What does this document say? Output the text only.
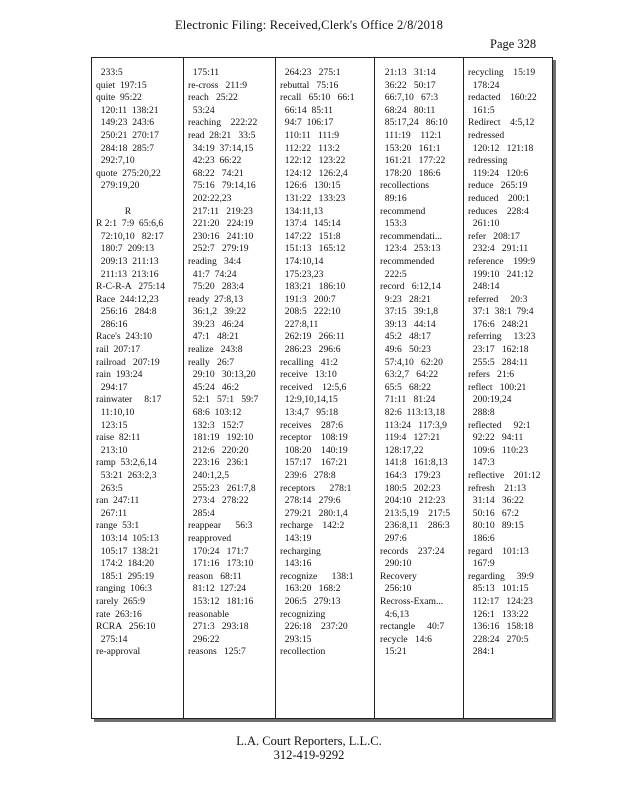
Electronic Filing: Received,Clerk's Office 2/8/2018
Page 328
233:5
quiet  197:15
quite  95:22
120:11  138:21
149:23  243:6
250:21  270:17
284:18  285:7
292:7,10
quote  275:20,22
279:19,20

R
R 2:1  7:9  65:6,6
72:10,10   82:17
180:7  209:13
209:13  211:13
211:13  213:16
R-C-R-A   275:14
Race  244:12,23
256:16   284:8
286:16
Race's  243:10
rail  207:17
railroad   207:19
rain  193:24
294:17
rainwater     8:17
11:10,10
123:15
raise  82:11
213:10
ramp  53:2,6,14
53:21  263:2,3
263:5
ran  247:11
267:11
range  53:1
103:14  105:13
105:17  138:21
174:2  184:20
185:1  295:19
ranging  106:3
rarely  265:9
rate  263:16
RCRA   256:10
275:14
re-approval
175:11
re-cross   211:9
reach   25:22
53:24
reaching    222:22
read  28:21   33:5
34:19  37:14,15
42:23  66:22
68:22   74:21
75:16   79:14,16
202:22,23
217:11   219:23
221:20   224:19
230:16   241:10
252:7   279:19
reading   34:4
41:7  74:24
75:20   283:4
ready  27:8,13
36:1,2   39:22
39:23   46:24
47:1   48:21
realize   243:8
really   26:7
29:10   30:13,20
45:24   46:2
52:1   57:1   59:7
68:6  103:12
132:3   152:7
181:19   192:10
212:6   220:20
223:16   236:1
240:1,2,5
255:23   261:7,8
273:4   278:22
285:4
reappear      56:3
reapproved
170:24   171:7
171:16   173:10
reason   68:11
81:12  127:24
153:12   181:16
reasonable
271:3   293:18
296:22
reasons   125:7
264:23   275:1
rebuttal   75:16
recall   65:10   66:1
66:14  85:11
94:7  106:17
110:11   111:9
112:22   113:2
122:12   123:22
124:12   126:2,4
126:6   130:15
131:22   133:23
134:11,13
137:4   145:14
147:22   151:8
151:13   165:12
174:10,14
175:23,23
183:21   186:10
191:3   200:7
208:5   222:10
227:8,11
262:19   266:11
286:23   296:6
recalling   41:2
receive   13:10
received    12:5,6
12:9,10,14,15
13:4,7   95:18
receives    287:6
receptor    108:19
108:20    140:19
157:17    167:21
239:6   278:8
receptors      278:1
278:14   279:6
279:21   280:1,4
recharge    142:2
143:19
recharging
143:16
recognize      138:1
163:20   168:2
206:5   279:13
recognizing
226:18    237:20
293:15
recollection
21:13   31:14
36:22   50:17
66:7,10   67:3
68:24   80:11
85:17,24   86:10
111:19    112:1
153:20   161:1
161:21   177:22
178:20   186:6
recollections
89:16
recommend
153:3
recommendati...
123:4   253:13
recommended
222:5
record   6:12,14
9:23   28:21
37:15   39:1,8
39:13   44:14
45:2   48:17
49:6   50:23
57:4,10   62:20
63:2,7   64:22
65:5   68:22
71:11   81:24
82:6  113:13,18
113:24   117:3,9
119:4   127:21
128:17,22
141:8   161:8,13
164:3   179:23
180:5   202:23
204:10   212:23
213:5,19    217:5
236:8,11    286:3
297:6
records    237:24
290:10
Recovery
256:10
Recross-Exam...
4:6,13
rectangle     40:7
recycle   14:6
15:21
recycling    15:19
178:24
redacted    160:22
161:5
Redirect    4:5,12
redressed
120:12   121:18
redressing
119:24   120:6
reduce   265:19
reduced    200:1
reduces    228:4
261:10
refer   208:17
232:4   291:11
reference    199:9
199:10   241:12
248:14
referred     20:3
37:1  38:1  79:4
176:6   248:21
referring     13:23
23:17   162:18
255:5   284:11
refers   21:6
reflect   100:21
200:19,24
288:8
reflected     92:1
92:22   94:11
109:6   110:23
147:3
reflective    201:12
refresh    21:13
31:14   36:22
50:16   67:2
80:10   89:15
186:6
regard    101:13
167:9
regarding     39:9
85:13   101:15
112:17   124:23
126:1   133:22
136:16   158:18
228:24   270:5
284:1
L.A. Court Reporters, L.L.C.
312-419-9292
